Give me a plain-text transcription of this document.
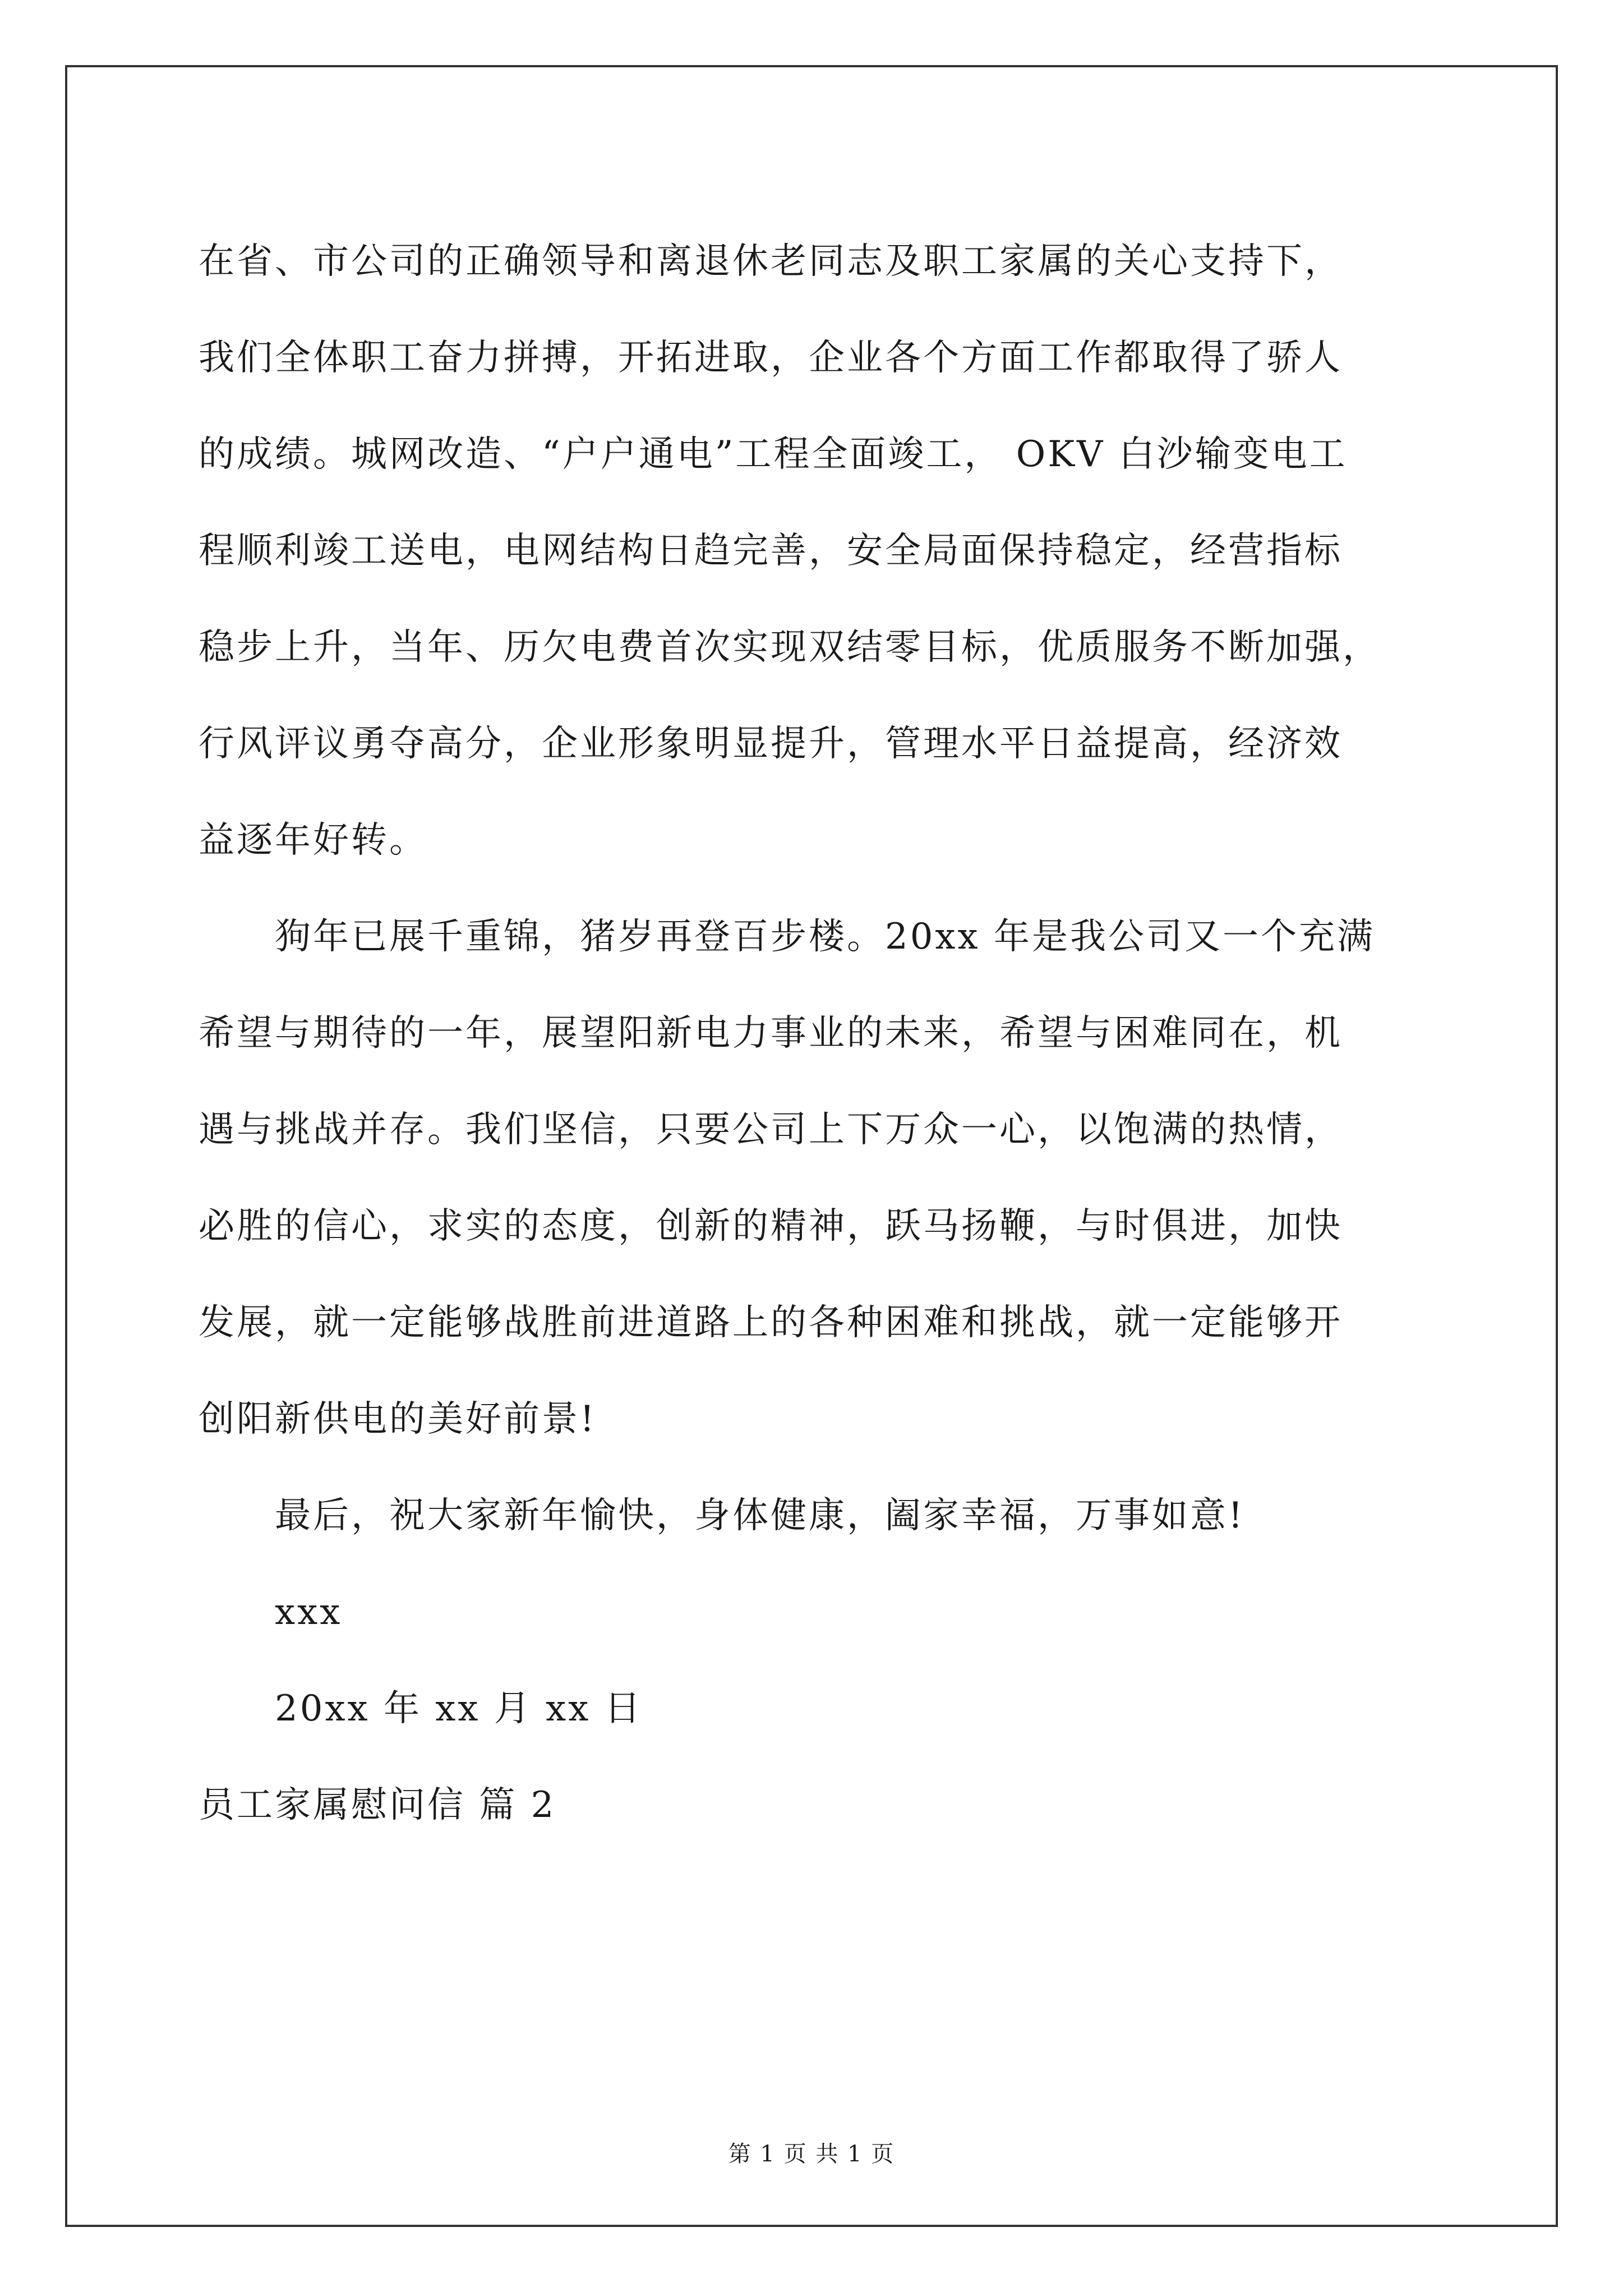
在省、市公司的正确领导和离退休老同志及职工家属的关心支持下，
我们全体职工奋力拼搏，开拓进取，企业各个方面工作都取得了骄人
的成绩。城网改造、“户户通电”工程全面竣工， OKV 白沙输变电工
程顺利竣工送电，电网结构日趋完善，安全局面保持稳定，经营指标
稳步上升，当年、历欠电费首次实现双结零目标，优质服务不断加强，
行风评议勇夺高分，企业形象明显提升，管理水平日益提高，经济效
益逐年好转。
狗年已展千重锦，猪岁再登百步楼。20xx 年是我公司又一个充满
希望与期待的一年，展望阳新电力事业的未来，希望与困难同在，机
遇与挑战并存。我们坚信，只要公司上下万众一心，以饱满的热情，
必胜的信心，求实的态度，创新的精神，跃马扬鞭，与时俱进，加快
发展，就一定能够战胜前进道路上的各种困难和挑战，就一定能够开
创阳新供电的美好前景!
最后，祝大家新年愉快，身体健康，阖家幸福，万事如意!
xxx
20xx 年 xx 月 xx 日
员工家属慰问信 篇 2
第 1 页 共 1 页
